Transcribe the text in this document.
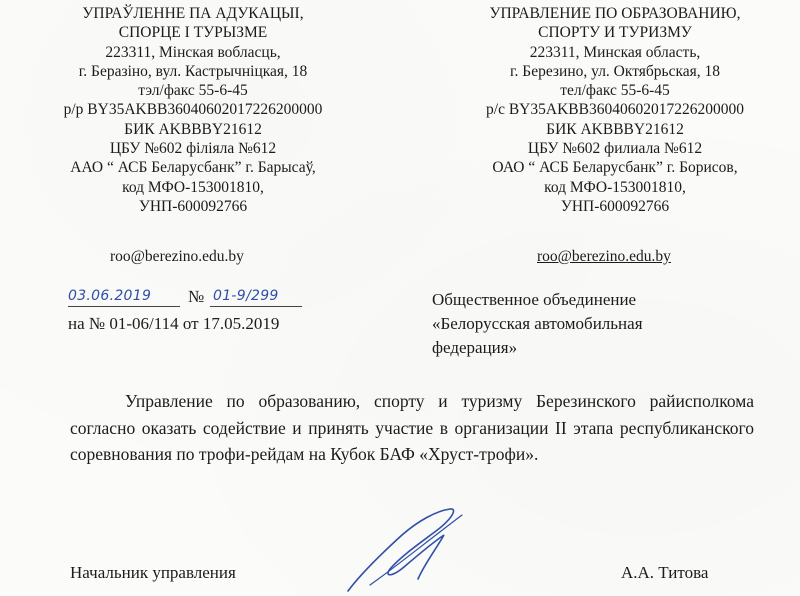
УПРАЎЛЕННЕ ПА АДУКАЦЫІ,
СПОРЦЕ І ТУРЫЗМЕ
223311, Мінская вобласць,
г. Беразіно, вул. Кастрычніцкая, 18
тэл/факс 55-6-45
р/р BY35AKBB36040602017226200000
БИК AKBBBY21612
ЦБУ №602 філіяла №612
ААО “ АСБ Беларусбанк” г. Барысаў,
код МФО-153001810,
УНП-600092766
УПРАВЛЕНИЕ ПО ОБРАЗОВАНИЮ,
СПОРТУ И ТУРИЗМУ
223311, Минская область,
г. Березино, ул. Октябрьская, 18
тел/факс 55-6-45
р/с BY35AKBB36040602017226200000
БИК AKBBBY21612
ЦБУ №602 филиала №612
ОАО “ АСБ Беларусбанк” г. Борисов,
код МФО-153001810,
УНП-600092766
roo@berezino.edu.by	roo@berezino.edu.by
03.06.2019 № 01-9/299
на № 01-06/114 от 17.05.2019
Общественное объединение
«Белорусская автомобильная
федерация»
Управление по образованию, спорту и туризму Березинского райисполкома согласно оказать содействие и принять участие в организации II этапа республиканского соревнования по трофи-рейдам на Кубок БАФ «Хруст-трофи».
Начальник управления	А.А. Титова
